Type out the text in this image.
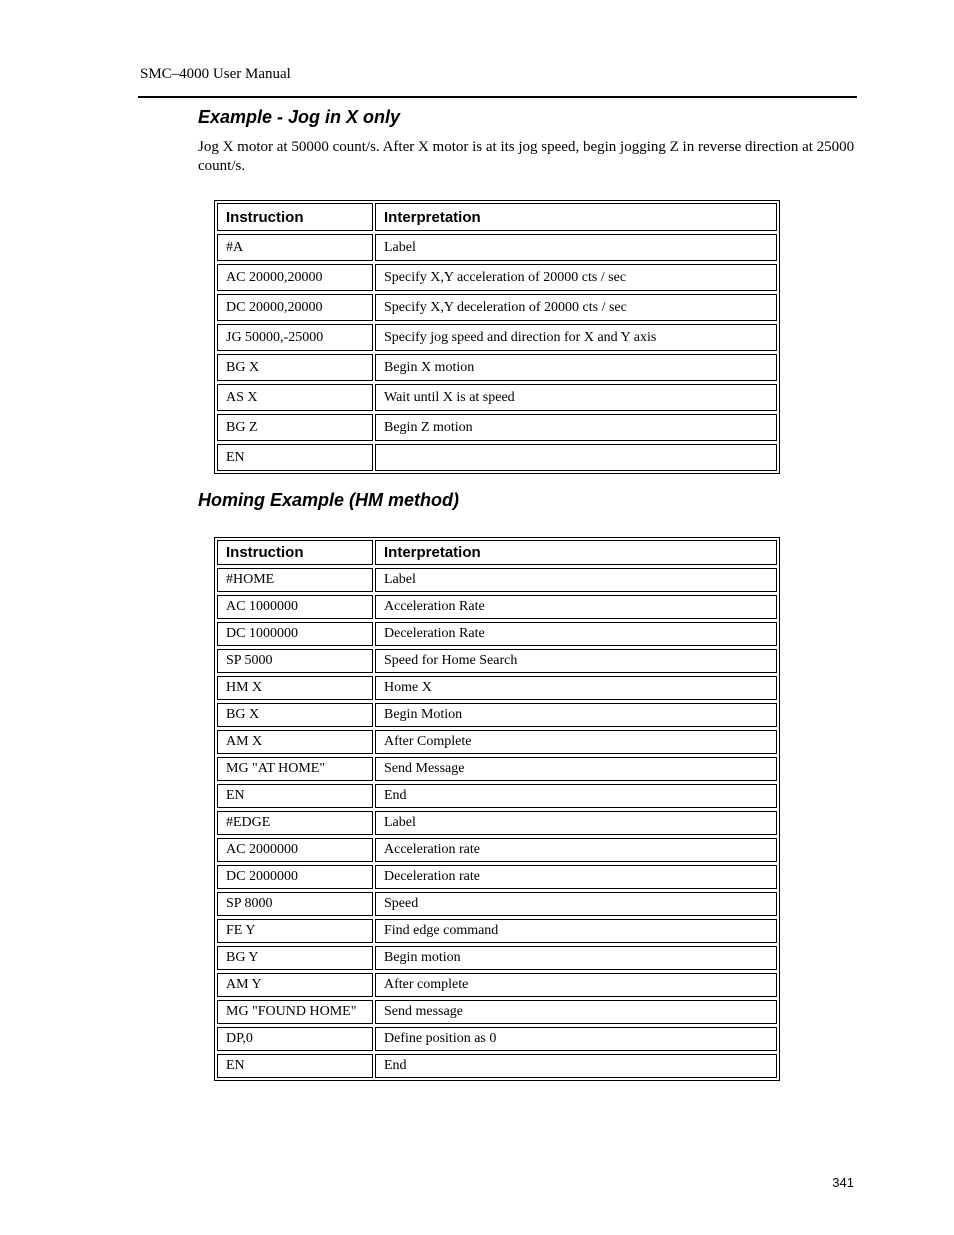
SMC–4000 User Manual
Example - Jog in X only
Jog X motor at 50000 count/s. After X motor is at its jog speed, begin jogging Z in reverse direction at 25000 count/s.
Instruction	Interpretation
#A	Label
AC 20000,20000	Specify X,Y acceleration of 20000 cts / sec
DC 20000,20000	Specify X,Y deceleration of 20000 cts / sec
JG 50000,-25000	Specify jog speed and direction for X and Y axis
BG X	Begin X motion
AS X	Wait until X is at speed
BG Z	Begin Z motion
EN
Homing Example (HM method)
Instruction	Interpretation
#HOME	Label
AC 1000000	Acceleration Rate
DC 1000000	Deceleration Rate
SP 5000	Speed for Home Search
HM X	Home X
BG X	Begin Motion
AM X	After Complete
MG "AT HOME"	Send Message
EN	End
#EDGE	Label
AC 2000000	Acceleration rate
DC 2000000	Deceleration rate
SP 8000	Speed
FE Y	Find edge command
BG Y	Begin motion
AM Y	After complete
MG "FOUND HOME"	Send message
DP,0	Define position as 0
EN	End
341
